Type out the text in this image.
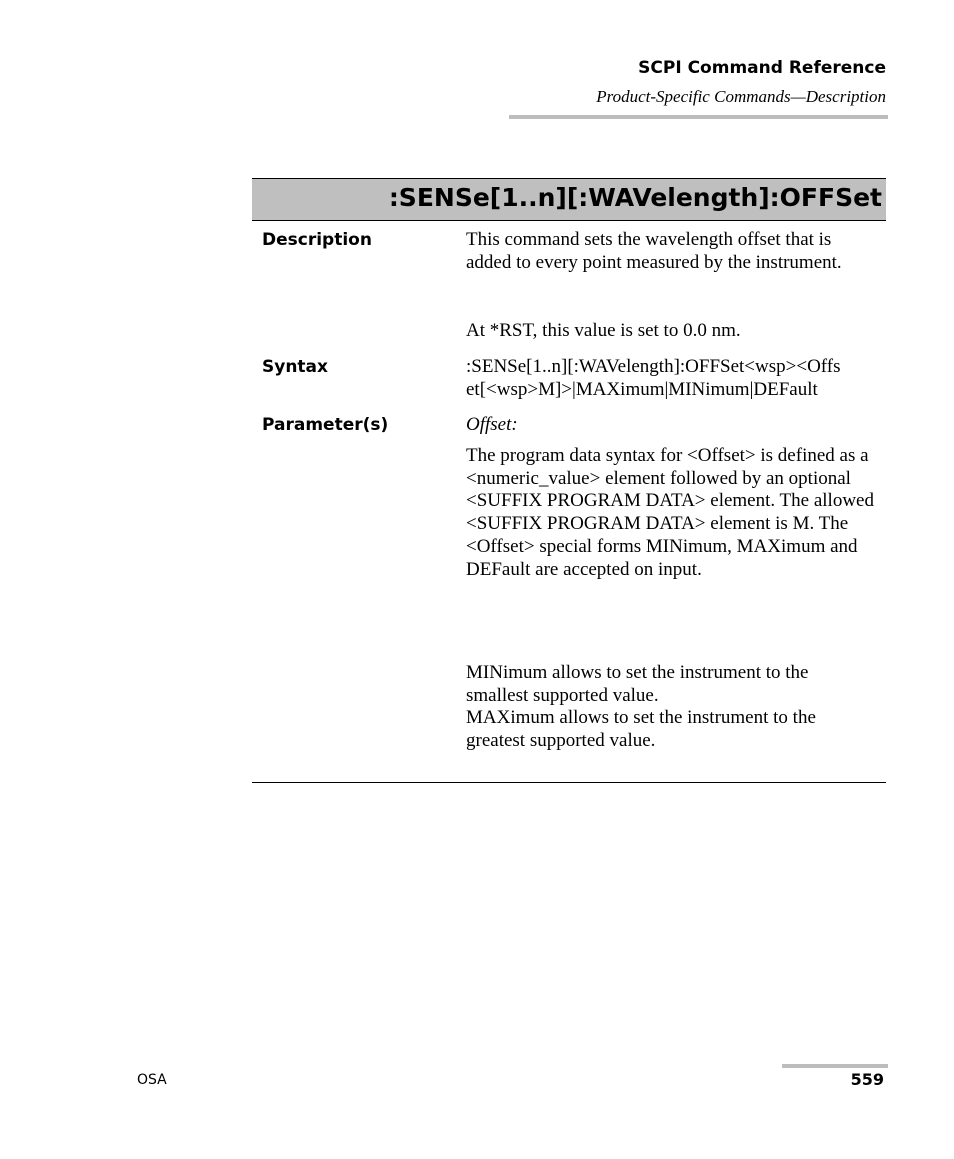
SCPI Command Reference
Product-Specific Commands—Description
:SENSe[1..n][:WAVelength]:OFFSet
Description	This command sets the wavelength offset that is added to every point measured by the instrument.

At *RST, this value is set to 0.0 nm.

Syntax	:SENSe[1..n][:WAVelength]:OFFSet<wsp><Offs

et[<wsp>M]>|MAXimum|MINimum|DEFault

Parameter(s)	Offset:

The program data syntax for <Offset> is defined as a <numeric_value> element followed by an optional <SUFFIX PROGRAM DATA> element. The allowed <SUFFIX PROGRAM DATA> element is M. The <Offset> special forms MINimum, MAXimum and DEFault are accepted on input.

MINimum allows to set the instrument to the smallest supported value.

MAXimum allows to set the instrument to the greatest supported value.

OSA	559
